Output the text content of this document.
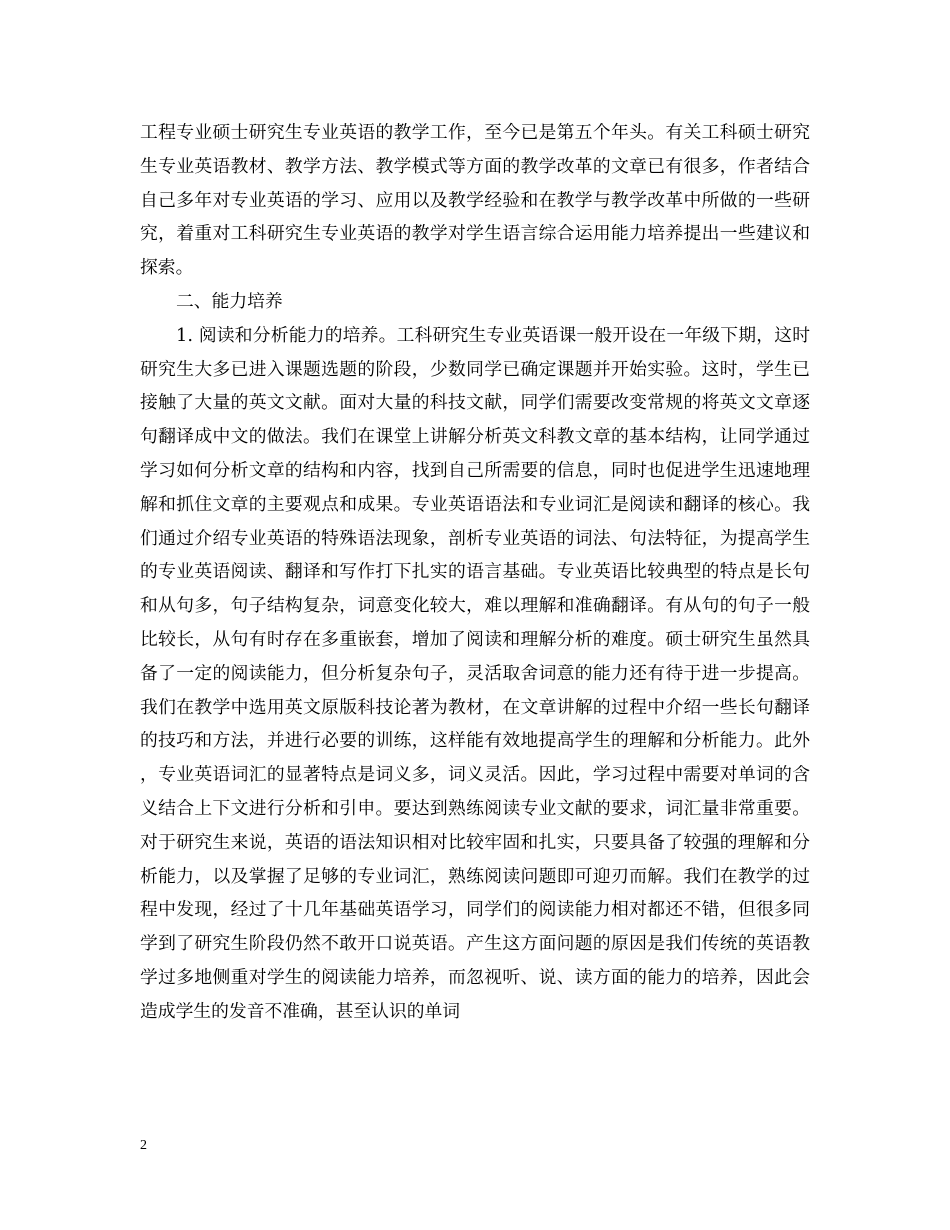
工程专业硕士研究生专业英语的教学工作，至今已是第五个年头。有关工科硕士研究生专业英语教材、教学方法、教学模式等方面的教学改革的文章已有很多，作者结合自己多年对专业英语的学习、应用以及教学经验和在教学与教学改革中所做的一些研究，着重对工科研究生专业英语的教学对学生语言综合运用能力培养提出一些建议和探索。

二、能力培养

1. 阅读和分析能力的培养。工科研究生专业英语课一般开设在一年级下期，这时研究生大多已进入课题选题的阶段，少数同学已确定课题并开始实验。这时，学生已接触了大量的英文文献。面对大量的科技文献，同学们需要改变常规的将英文文章逐句翻译成中文的做法。我们在课堂上讲解分析英文科教文章的基本结构，让同学通过学习如何分析文章的结构和内容，找到自己所需要的信息，同时也促进学生迅速地理解和抓住文章的主要观点和成果。专业英语语法和专业词汇是阅读和翻译的核心。我们通过介绍专业英语的特殊语法现象，剖析专业英语的词法、句法特征，为提高学生的专业英语阅读、翻译和写作打下扎实的语言基础。专业英语比较典型的特点是长句和从句多，句子结构复杂，词意变化较大，难以理解和准确翻译。有从句的句子一般比较长，从句有时存在多重嵌套，增加了阅读和理解分析的难度。硕士研究生虽然具备了一定的阅读能力，但分析复杂句子，灵活取舍词意的能力还有待于进一步提高。我们在教学中选用英文原版科技论著为教材，在文章讲解的过程中介绍一些长句翻译的技巧和方法，并进行必要的训练，这样能有效地提高学生的理解和分析能力。此外，专业英语词汇的显著特点是词义多，词义灵活。因此，学习过程中需要对单词的含义结合上下文进行分析和引申。要达到熟练阅读专业文献的要求，词汇量非常重要。对于研究生来说，英语的语法知识相对比较牢固和扎实，只要具备了较强的理解和分析能力，以及掌握了足够的专业词汇，熟练阅读问题即可迎刃而解。我们在教学的过程中发现，经过了十几年基础英语学习，同学们的阅读能力相对都还不错，但很多同学到了研究生阶段仍然不敢开口说英语。产生这方面问题的原因是我们传统的英语教学过多地侧重对学生的阅读能力培养，而忽视听、说、读方面的能力的培养，因此会造成学生的发音不准确，甚至认识的单词

2
